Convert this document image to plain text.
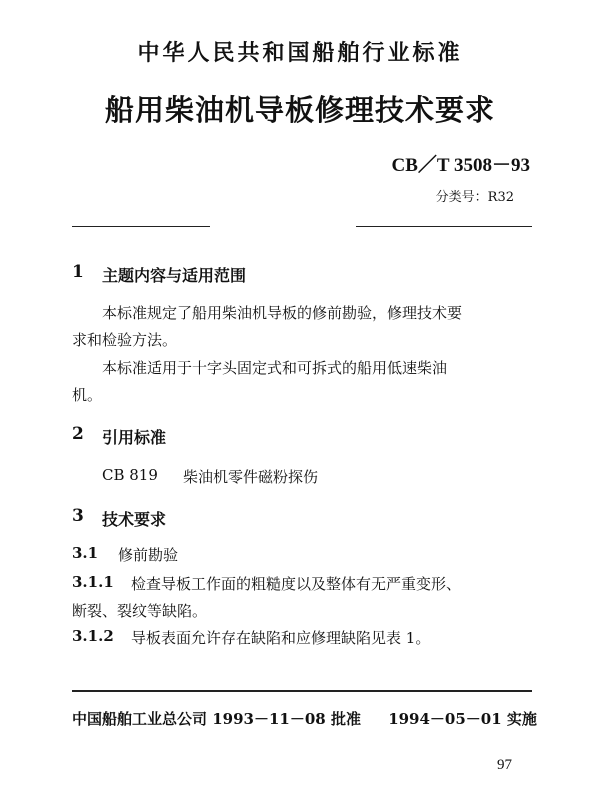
中华人民共和国船舶行业标准
船用柴油机导板修理技术要求
CB／T 3508－93
分类号：R32
1 主题内容与适用范围
本标准规定了船用柴油机导板的修前勘验，修理技术要
求和检验方法。
本标准适用于十字头固定式和可拆式的船用低速柴油
机。
2 引用标准
CB 819 柴油机零件磁粉探伤
3 技术要求
3.1 修前勘验
3.1.1 检查导板工作面的粗糙度以及整体有无严重变形、
断裂、裂纹等缺陷。
3.1.2 导板表面允许存在缺陷和应修理缺陷见表 1。
中国船舶工业总公司 1993－11－08 批准 1994－05－01 实施
97
